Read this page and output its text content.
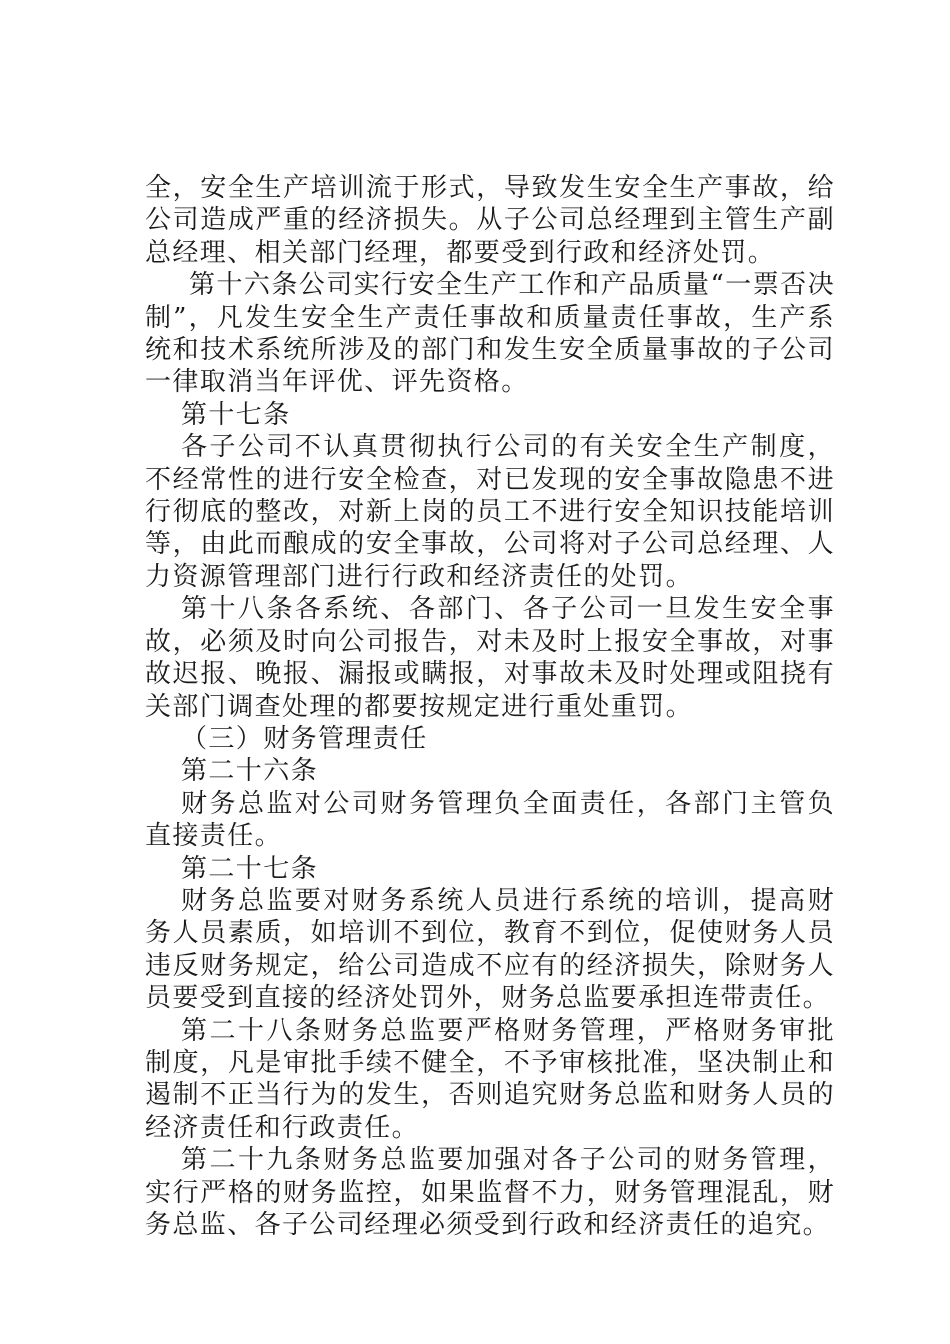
全，安全生产培训流于形式，导致发生安全生产事故，给公司造成严重的经济损失。从子公司总经理到主管生产副总经理、相关部门经理，都要受到行政和经济处罚。

第十六条公司实行安全生产工作和产品质量“一票否决制”，凡发生安全生产责任事故和质量责任事故，生产系统和技术系统所涉及的部门和发生安全质量事故的子公司一律取消当年评优、评先资格。

第十七条

各子公司不认真贯彻执行公司的有关安全生产制度，不经常性的进行安全检查，对已发现的安全事故隐患不进行彻底的整改，对新上岗的员工不进行安全知识技能培训等，由此而酿成的安全事故，公司将对子公司总经理、人力资源管理部门进行行政和经济责任的处罚。

第十八条各系统、各部门、各子公司一旦发生安全事故，必须及时向公司报告，对未及时上报安全事故，对事故迟报、晚报、漏报或瞒报，对事故未及时处理或阻挠有关部门调查处理的都要按规定进行重处重罚。

（三）财务管理责任

第二十六条

财务总监对公司财务管理负全面责任，各部门主管负直接责任。

第二十七条

财务总监要对财务系统人员进行系统的培训，提高财务人员素质，如培训不到位，教育不到位，促使财务人员违反财务规定，给公司造成不应有的经济损失，除财务人员要受到直接的经济处罚外，财务总监要承担连带责任。

第二十八条财务总监要严格财务管理，严格财务审批制度，凡是审批手续不健全，不予审核批准，坚决制止和遏制不正当行为的发生，否则追究财务总监和财务人员的经济责任和行政责任。

第二十九条财务总监要加强对各子公司的财务管理，实行严格的财务监控，如果监督不力，财务管理混乱，财务总监、各子公司经理必须受到行政和经济责任的追究。
